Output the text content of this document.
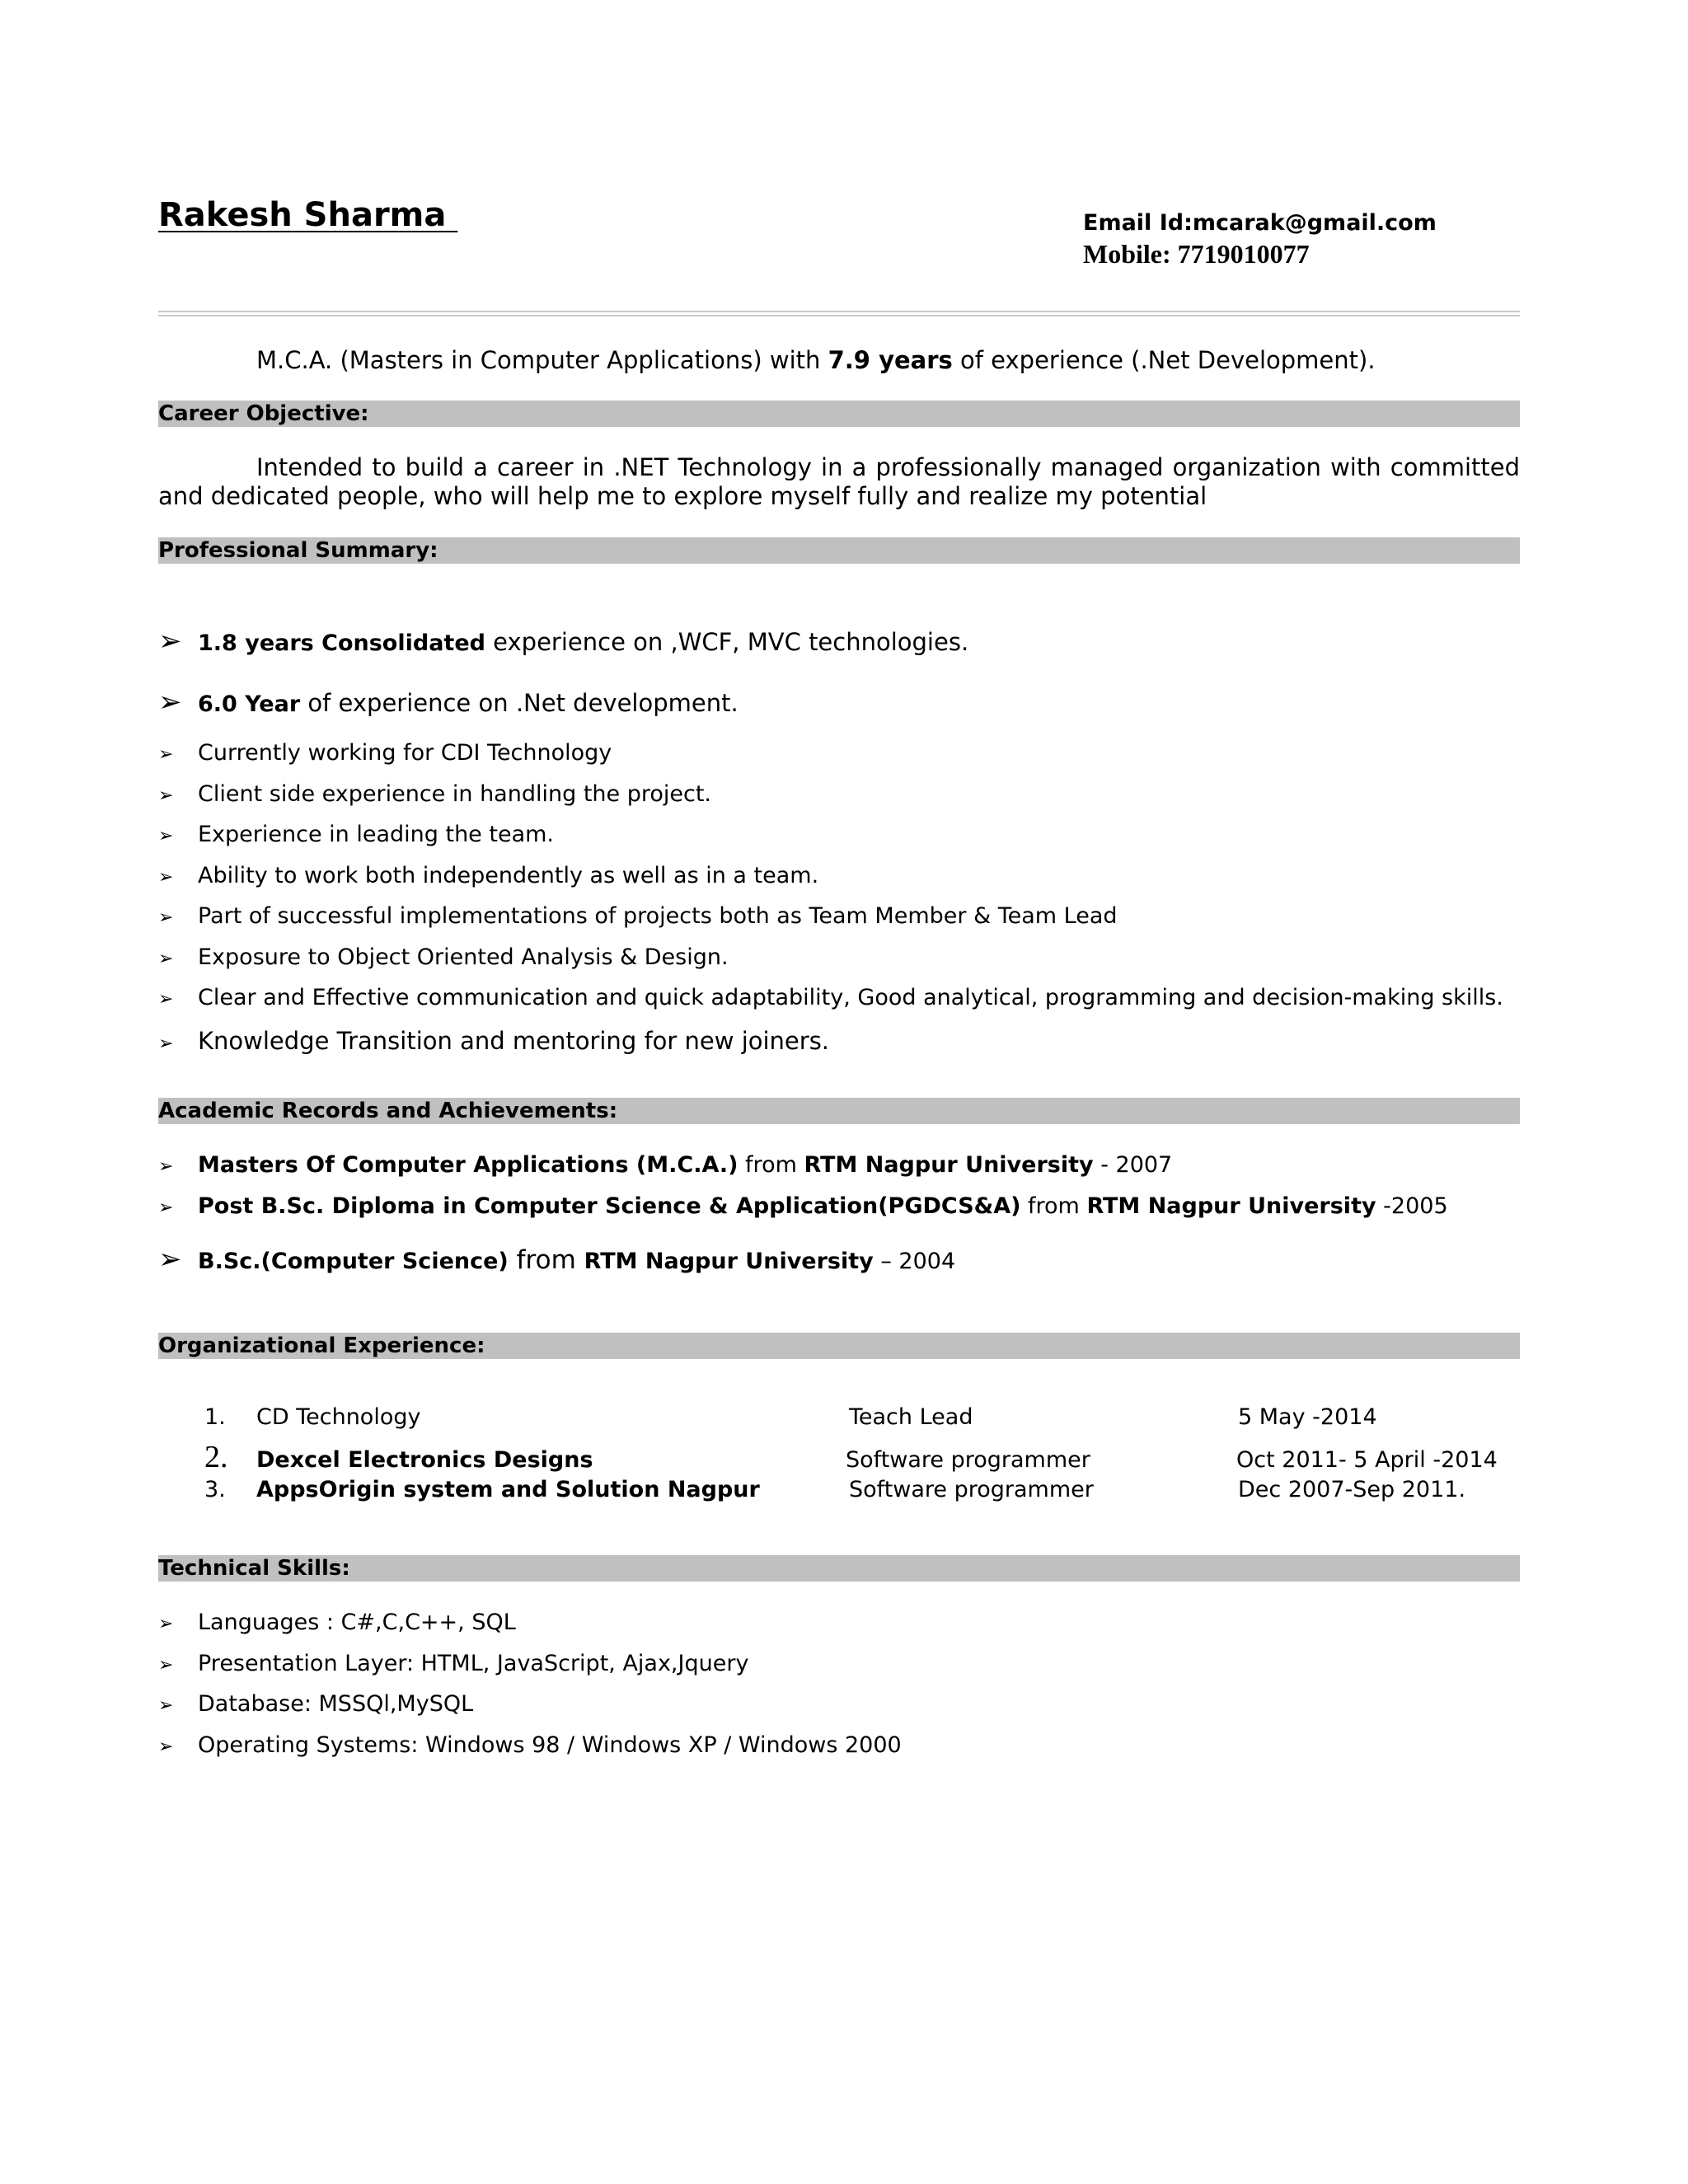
Rakesh Sharma	Email Id:mcarak@gmail.com
Mobile: 7719010077
M.C.A. (Masters in Computer Applications) with 7.9 years of experience (.Net Development).
Career Objective:
Intended to build a career in .NET Technology in a professionally managed organization with committed and dedicated people, who will help me to explore myself fully and realize my potential
Professional Summary:
➢ 1.8 years Consolidated experience on ,WCF, MVC technologies.
➢ 6.0 Year of experience on .Net development.
➢	Currently working for CDI Technology
➢	Client side experience in handling the project.
➢	Experience in leading the team.
➢	Ability to work both independently as well as in a team.
➢	Part of successful implementations of projects both as Team Member & Team Lead
➢	Exposure to Object Oriented Analysis & Design.
➢	Clear and Effective communication and quick adaptability, Good analytical, programming and decision-making skills.
➢	Knowledge Transition and mentoring for new joiners.
Academic Records and Achievements:
➢	Masters Of Computer Applications (M.C.A.) from RTM Nagpur University - 2007
➢	Post B.Sc. Diploma in Computer Science & Application(PGDCS&A) from RTM Nagpur University -2005
➢ B.Sc.(Computer Science) from RTM Nagpur University – 2004
Organizational Experience:
1. CD Technology	Teach Lead	5 May -2014
2. Dexcel Electronics Designs	Software programmer	Oct 2011- 5 April -2014
3. AppsOrigin system and Solution Nagpur	Software programmer	Dec 2007-Sep 2011.
Technical Skills:
➢	Languages : C#,C,C++, SQL
➢	Presentation Layer: HTML, JavaScript, Ajax,Jquery
➢	Database: MSSQl,MySQL
➢	Operating Systems: Windows 98 / Windows XP / Windows 2000
